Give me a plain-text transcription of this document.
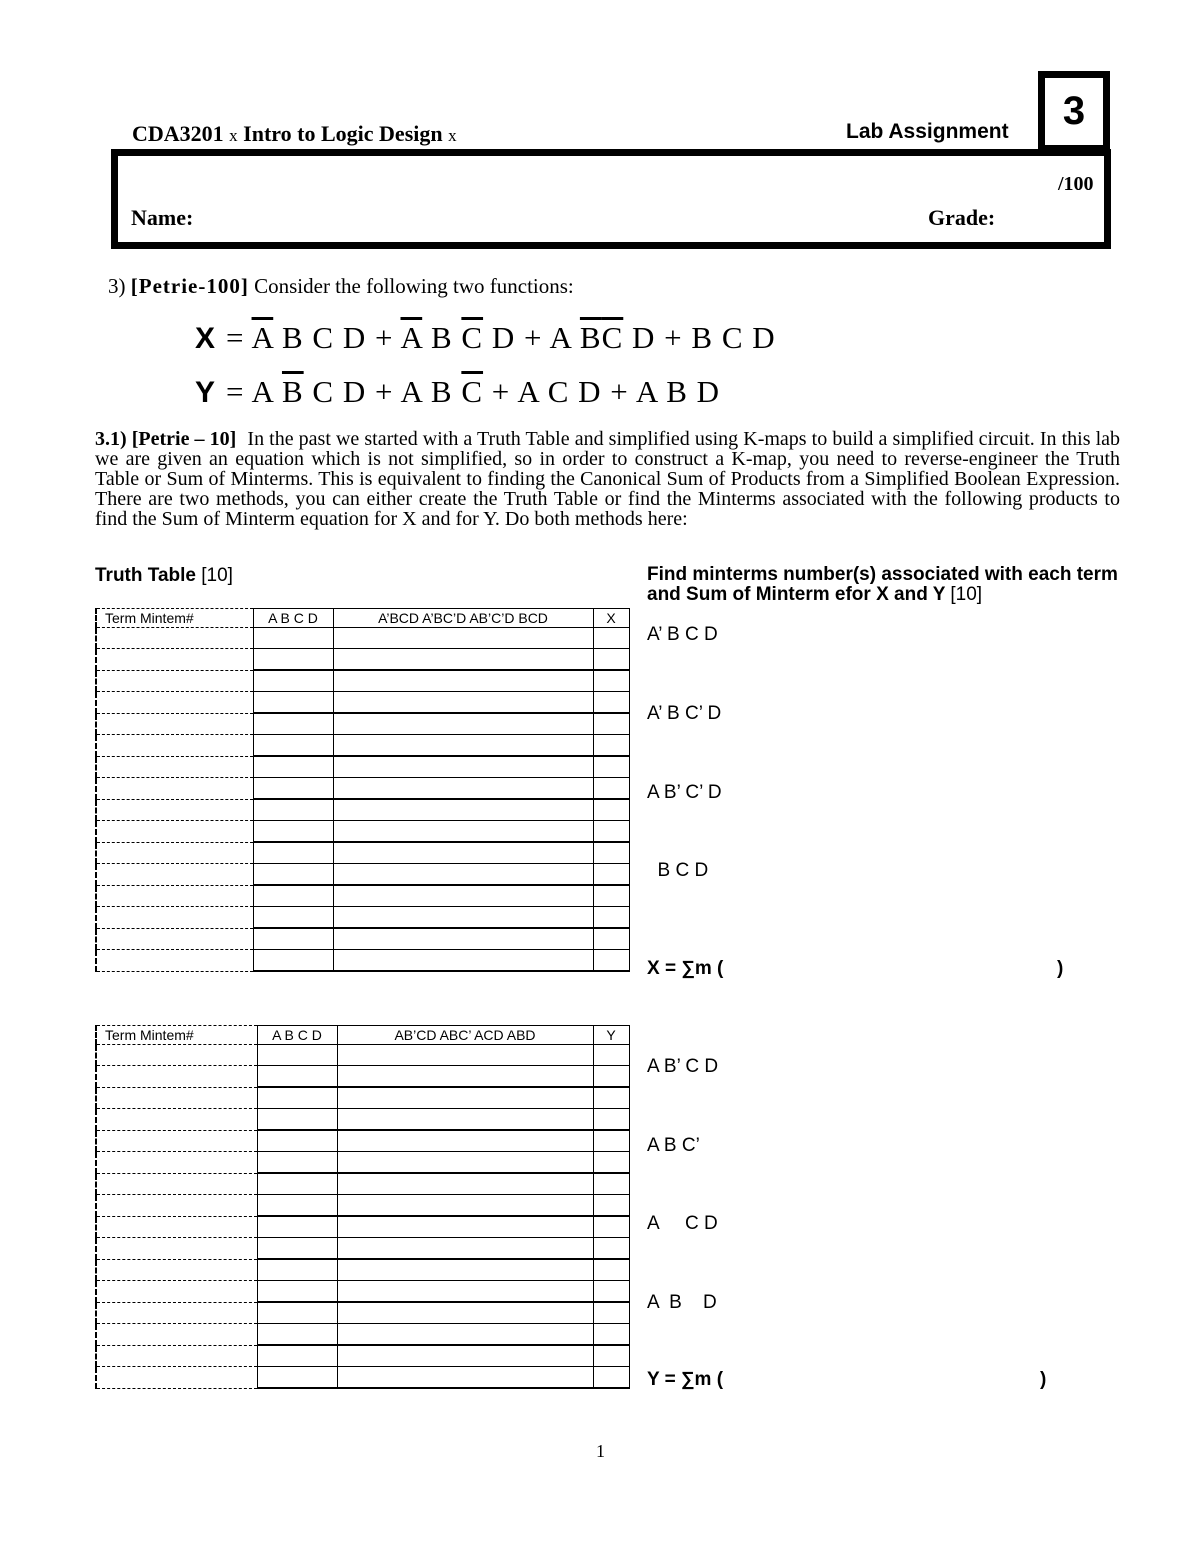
CDA3201 x Intro to Logic Design x	Lab Assignment	3
/100
Name:	Grade:
3) [Petrie-100] Consider the following two functions:
$X = \overline{A}$ B C $D + \overline{A}$ B $\overline{C}$ D + A $\overline{B}\overline{C}$ D + B C D
Y = A $\overline{B}$ C D + A B $\overline{C} + A$ C D + A B D
3.1) [Petrie – 10] In the past we started with a Truth Table and simplified using K-maps to build a simplified circuit. In this lab we are given an equation which is not simplified, so in order to construct a K-map, you need to reverse-engineer the Truth Table or Sum of Minterms. This is equivalent to finding the Canonical Sum of Products from a Simplified Boolean Expression. There are two methods, you can either create the Truth Table or find the Minterms associated with the following products to find the Sum of Minterm equation for X and for Y. Do both methods here:
Truth Table [10]	Find minterms number(s) associated with each term and Sum of Minterm efor X and Y [10]
Term Mintem#	A B C D	A’BCD A’BC’D AB’C’D BCD	X

Term Mintem#	A B C D	AB’CD ABC’ ACD ABD	Y

A’ B C D
A’ B C’ D
A B’ C’ D
B C D
X = ∑m (	)
A B’ C D
A B C’
A     C D
A  B    D
Y = ∑m (	)
1
